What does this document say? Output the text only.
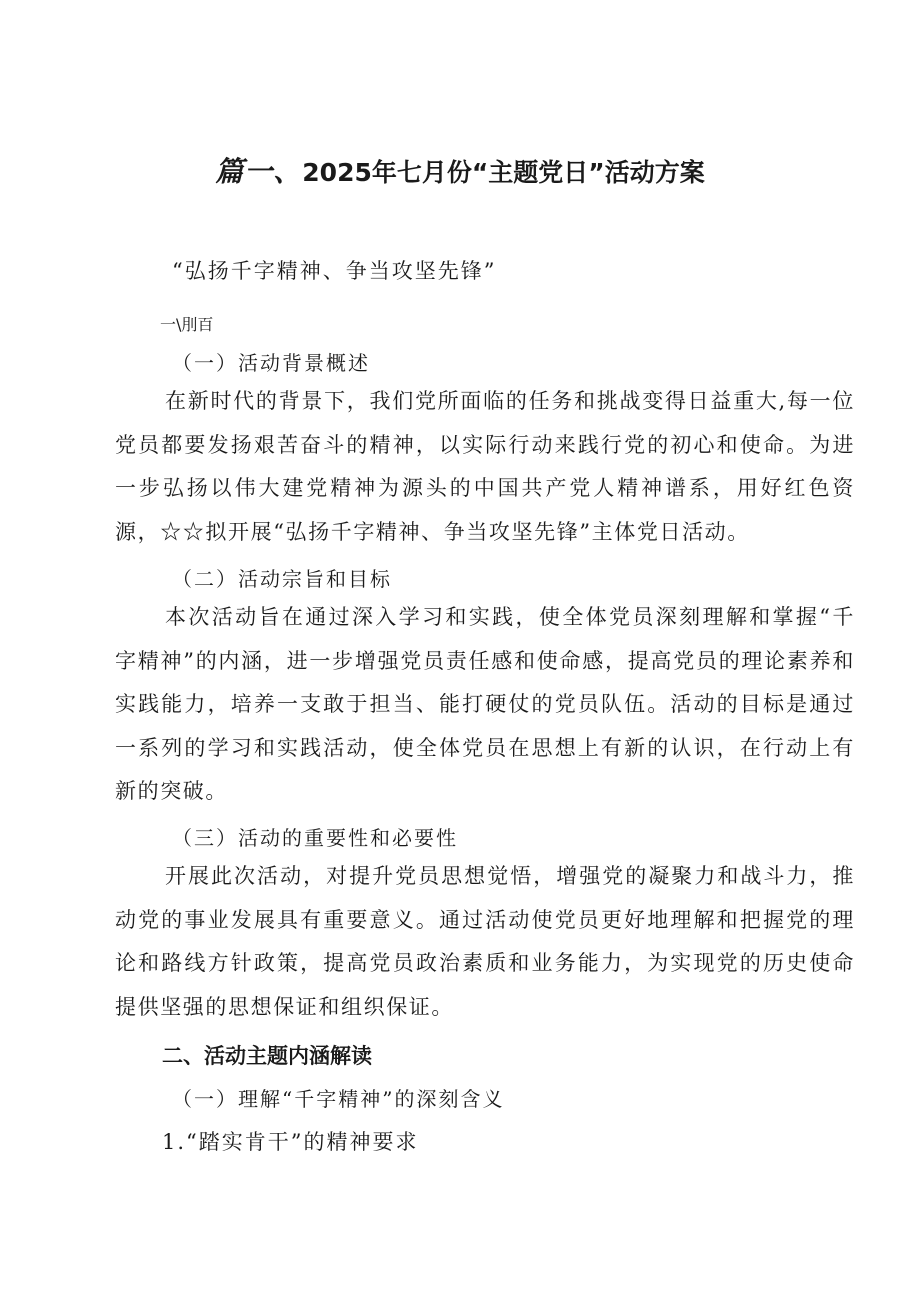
篇一、2025年七月份“主题党日”活动方案
“弘扬千字精神、争当攻坚先锋”
一\刖百
（一）活动背景概述
在新时代的背景下，我们党所面临的任务和挑战变得日益重大,每一位党员都要发扬艰苦奋斗的精神，以实际行动来践行党的初心和使命。为进一步弘扬以伟大建党精神为源头的中国共产党人精神谱系，用好红色资源，☆☆拟开展“弘扬千字精神、争当攻坚先锋”主体党日活动。
（二）活动宗旨和目标
本次活动旨在通过深入学习和实践，使全体党员深刻理解和掌握“千字精神”的内涵，进一步增强党员责任感和使命感，提高党员的理论素养和实践能力，培养一支敢于担当、能打硬仗的党员队伍。活动的目标是通过一系列的学习和实践活动，使全体党员在思想上有新的认识，在行动上有新的突破。
（三）活动的重要性和必要性
开展此次活动，对提升党员思想觉悟，增强党的凝聚力和战斗力，推动党的事业发展具有重要意义。通过活动使党员更好地理解和把握党的理论和路线方针政策，提高党员政治素质和业务能力，为实现党的历史使命提供坚强的思想保证和组织保证。
二、活动主题内涵解读
（一）理解“千字精神”的深刻含义
1.“踏实肯干”的精神要求
